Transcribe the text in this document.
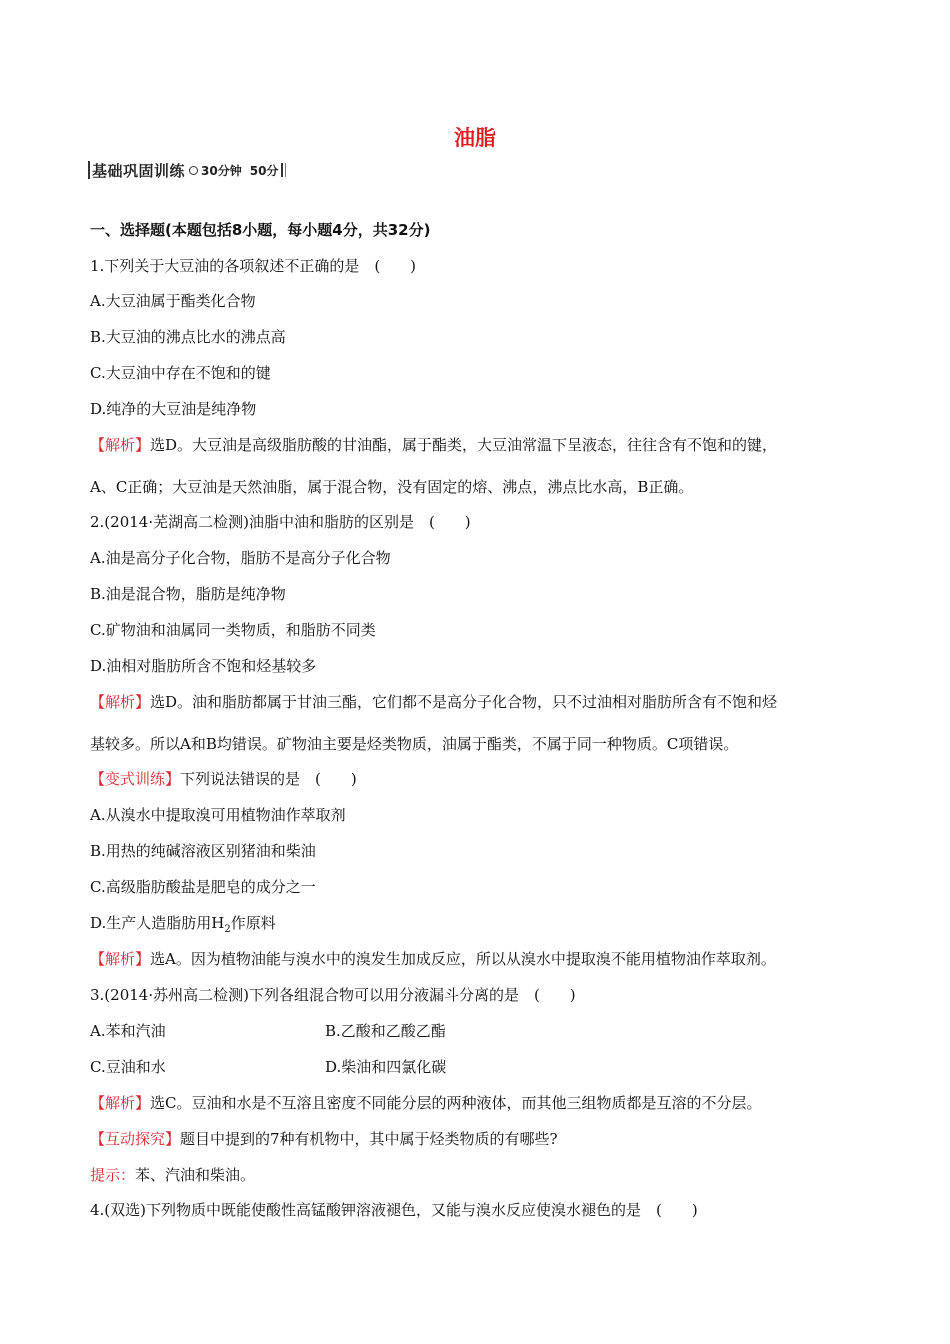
油脂
基础巩固训练 30分钟 50分
一、选择题(本题包括8小题，每小题4分，共32分)
1.下列关于大豆油的各项叙述不正确的是　(　　)
A.大豆油属于酯类化合物
B.大豆油的沸点比水的沸点高
C.大豆油中存在不饱和的键
D.纯净的大豆油是纯净物
【解析】选D。大豆油是高级脂肪酸的甘油酯，属于酯类，大豆油常温下呈液态，往往含有不饱和的键，
A、C正确；大豆油是天然油脂，属于混合物，没有固定的熔、沸点，沸点比水高，B正确。
2.(2014·芜湖高二检测)油脂中油和脂肪的区别是　(　　)
A.油是高分子化合物，脂肪不是高分子化合物
B.油是混合物，脂肪是纯净物
C.矿物油和油属同一类物质，和脂肪不同类
D.油相对脂肪所含不饱和烃基较多
【解析】选D。油和脂肪都属于甘油三酯，它们都不是高分子化合物，只不过油相对脂肪所含有不饱和烃
基较多。所以A和B均错误。矿物油主要是烃类物质，油属于酯类，不属于同一种物质。C项错误。
【变式训练】下列说法错误的是　(　　)
A.从溴水中提取溴可用植物油作萃取剂
B.用热的纯碱溶液区别猪油和柴油
C.高级脂肪酸盐是肥皂的成分之一
D.生产人造脂肪用$H_2$作原料
【解析】选A。因为植物油能与溴水中的溴发生加成反应，所以从溴水中提取溴不能用植物油作萃取剂。
3.(2014·苏州高二检测)下列各组混合物可以用分液漏斗分离的是　(　　)
A.苯和汽油	B.乙酸和乙酸乙酯
C.豆油和水	D.柴油和四氯化碳
【解析】选C。豆油和水是不互溶且密度不同能分层的两种液体，而其他三组物质都是互溶的不分层。
【互动探究】题目中提到的7种有机物中，其中属于烃类物质的有哪些?
提示：苯、汽油和柴油。
4.(双选)下列物质中既能使酸性高锰酸钾溶液褪色，又能与溴水反应使溴水褪色的是　(　　)
